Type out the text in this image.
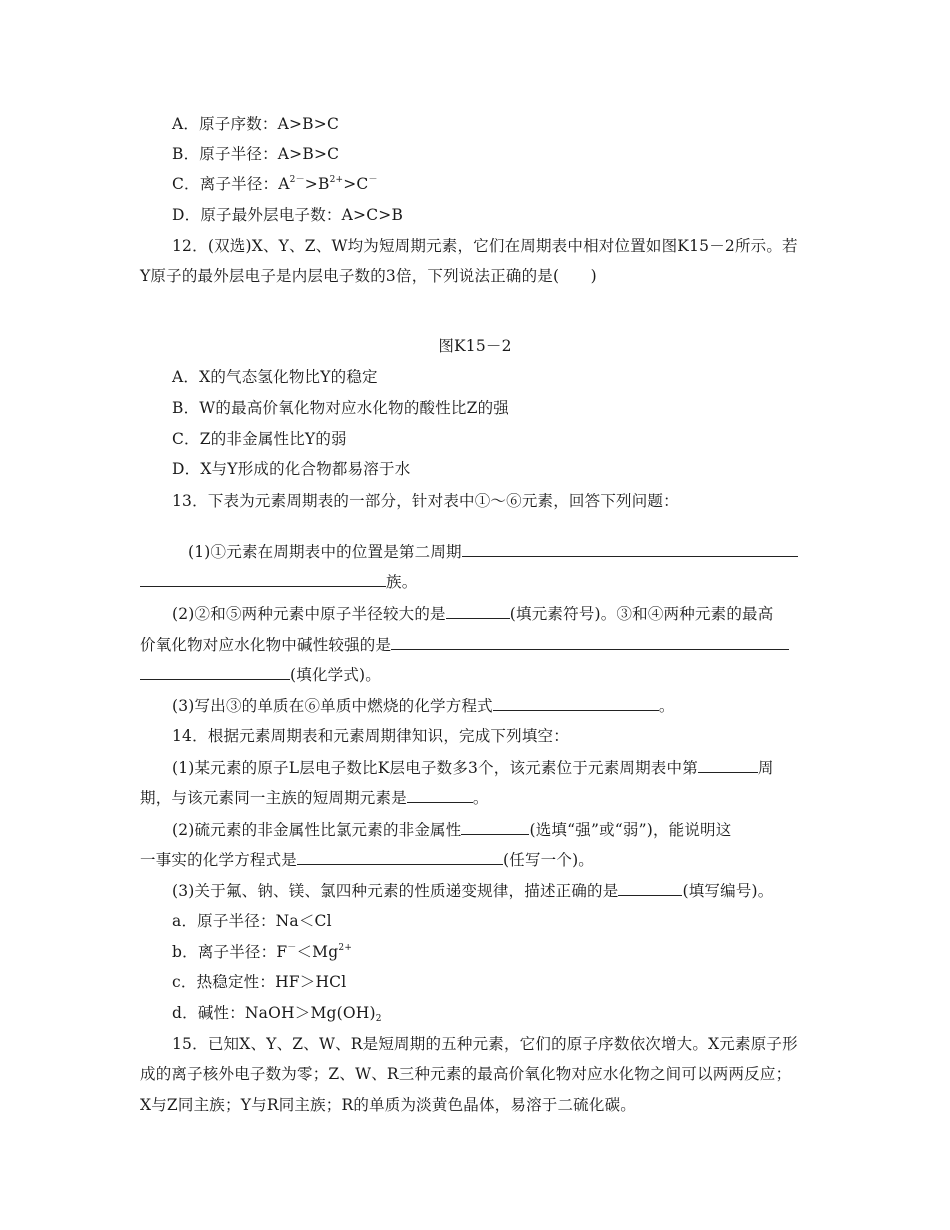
A．原子序数：A>B>C
B．原子半径：A>B>C
C．离子半径：$A^{2-}>B^{2+}>C^-$
D．原子最外层电子数：A>C>B
12．(双选)X、Y、Z、W均为短周期元素，它们在周期表中相对位置如图K15－2所示。若
Y原子的最外层电子是内层电子数的3倍，下列说法正确的是(　　)
图K15－2
A．X的气态氢化物比Y的稳定
B．W的最高价氧化物对应水化物的酸性比Z的强
C．Z的非金属性比Y的弱
D．X与Y形成的化合物都易溶于水
13．下表为元素周期表的一部分，针对表中①～⑥元素，回答下列问题：
(1)①元素在周期表中的位置是第二周期
族。
(2)②和⑤两种元素中原子半径较大的是	(填元素符号)。③和④两种元素的最高
价氧化物对应水化物中碱性较强的是
(填化学式)。
(3)写出③的单质在⑥单质中燃烧的化学方程式	。
14．根据元素周期表和元素周期律知识，完成下列填空：
(1)某元素的原子L层电子数比K层电子数多3个，该元素位于元素周期表中第	周
期，与该元素同一主族的短周期元素是	。
(2)硫元素的非金属性比氯元素的非金属性	(选填“强”或“弱”)，能说明这
一事实的化学方程式是	(任写一个)。
(3)关于氟、钠、镁、氯四种元素的性质递变规律，描述正确的是	(填写编号)。
a．原子半径：Na＜Cl
b．离子半径：$F^-<Mg^{2+}$
c．热稳定性：HF＞HCl
d．碱性：$NaOH>Mg(OH)_2$
15．已知X、Y、Z、W、R是短周期的五种元素，它们的原子序数依次增大。X元素原子形
成的离子核外电子数为零；Z、W、R三种元素的最高价氧化物对应水化物之间可以两两反应；
X与Z同主族；Y与R同主族；R的单质为淡黄色晶体，易溶于二硫化碳。
